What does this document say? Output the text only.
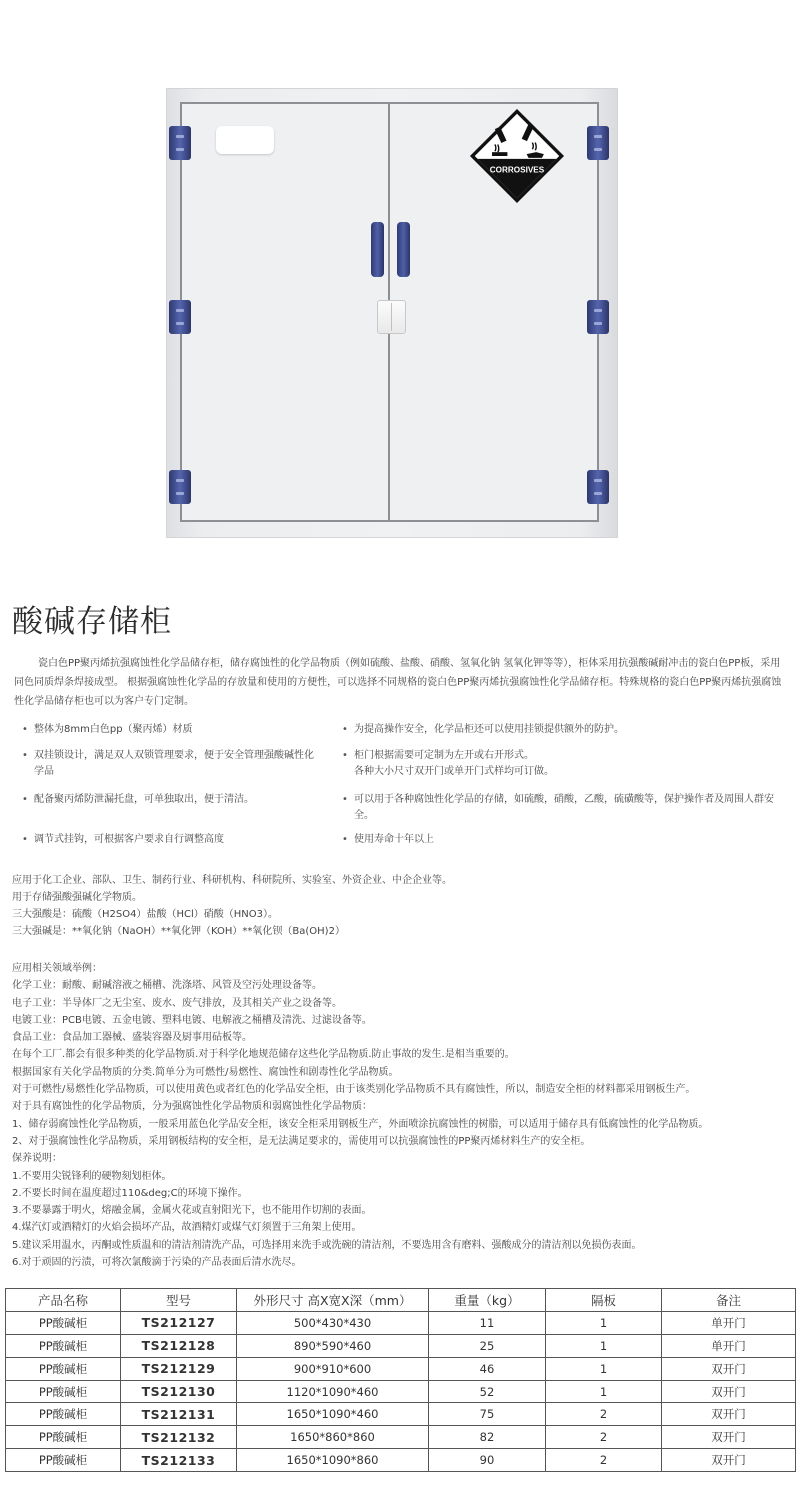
CORROSIVES
酸碱存储柜

瓷白色PP聚丙烯抗强腐蚀性化学品储存柜，储存腐蚀性的化学品物质（例如硫酸、盐酸、硝酸、氢氧化钠 氢氧化钾等等），柜体采用抗强酸碱耐冲击的瓷白色PP板，采用同色同质焊条焊接成型。 根据强腐蚀性化学品的存放量和使用的方便性，可以选择不同规格的瓷白色PP聚丙烯抗强腐蚀性化学品储存柜。特殊规格的瓷白色PP聚丙烯抗强腐蚀性化学品储存柜也可以为客户专门定制。

• 整体为8mm白色pp（聚丙烯）材质
• 双挂锁设计，满足双人双锁管理要求，便于安全管理强酸碱性化学品
• 配备聚丙烯防泄漏托盘，可单独取出，便于清洁。
• 调节式挂钩，可根据客户要求自行调整高度
• 为提高操作安全，化学品柜还可以使用挂锁提供额外的防护。
• 柜门根据需要可定制为左开或右开形式。
各种大小尺寸双开门或单开门式样均可订做。
• 可以用于各种腐蚀性化学品的存储，如硫酸，硝酸，乙酸，硫磺酸等，保护操作者及周围人群安全。
• 使用寿命十年以上
应用于化工企业、部队、卫生、制药行业、科研机构、科研院所、实验室、外资企业、中企企业等。
用于存储强酸强碱化学物质。
三大强酸是：硫酸（H2SO4）盐酸（HCl）硝酸（HNO3）。
三大强碱是：**氧化钠（NaOH）**氧化钾（KOH）**氧化钡（Ba(OH)2）
应用相关领域举例：
化学工业：耐酸、耐碱溶液之桶槽、洗涤塔、风管及空污处理设备等。
电子工业：半导体厂之无尘室、废水、废气排放，及其相关产业之设备等。
电镀工业：PCB电镀、五金电镀、塑料电镀、电解液之桶槽及清洗、过滤设备等。
食品工业：食品加工器械、盛装容器及厨事用砧板等。
在每个工厂.都会有很多种类的化学品物质.对于科学化地规范储存这些化学品物质.防止事故的发生.是相当重要的。
根据国家有关化学品物质的分类.简单分为可燃性/易燃性、腐蚀性和剧毒性化学品物质。
对于可燃性/易燃性化学品物质，可以使用黄色或者红色的化学品安全柜，由于该类别化学品物质不具有腐蚀性，所以，制造安全柜的材料都采用钢板生产。
对于具有腐蚀性的化学品物质，分为强腐蚀性化学品物质和弱腐蚀性化学品物质：
1、储存弱腐蚀性化学品物质，一般采用蓝色化学品安全柜，该安全柜采用钢板生产，外面喷涂抗腐蚀性的树脂，可以适用于储存具有低腐蚀性的化学品物质。
2、对于强腐蚀性化学品物质，采用钢板结构的安全柜，是无法满足要求的，需使用可以抗强腐蚀性的PP聚丙烯材料生产的安全柜。
保养说明：
1.不要用尖锐锋利的硬物刻划柜体。
2.不要长时间在温度超过110&deg;C的环境下操作。
3.不要暴露于明火，熔融金属，金属火花或直射阳光下，也不能用作切割的表面。
4.煤汽灯或酒精灯的火焰会损坏产品，故酒精灯或煤气灯须置于三角架上使用。
5.建议采用温水，丙酮或性质温和的清洁剂清洗产品，可选择用来洗手或洗碗的清洁剂，不要选用含有磨料、强酸成分的清洁剂以免损伤表面。
6.对于顽固的污渍，可将次氯酸滴于污染的产品表面后清水洗尽。
产品名称	型号	外形尺寸 高X宽X深（mm）	重量（kg）	隔板	备注
PP酸碱柜	TS212127	500*430*430	11	1	单开门
PP酸碱柜	TS212128	890*590*460	25	1	单开门
PP酸碱柜	TS212129	900*910*600	46	1	双开门
PP酸碱柜	TS212130	1120*1090*460	52	1	双开门
PP酸碱柜	TS212131	1650*1090*460	75	2	双开门
PP酸碱柜	TS212132	1650*860*860	82	2	双开门
PP酸碱柜	TS212133	1650*1090*860	90	2	双开门
